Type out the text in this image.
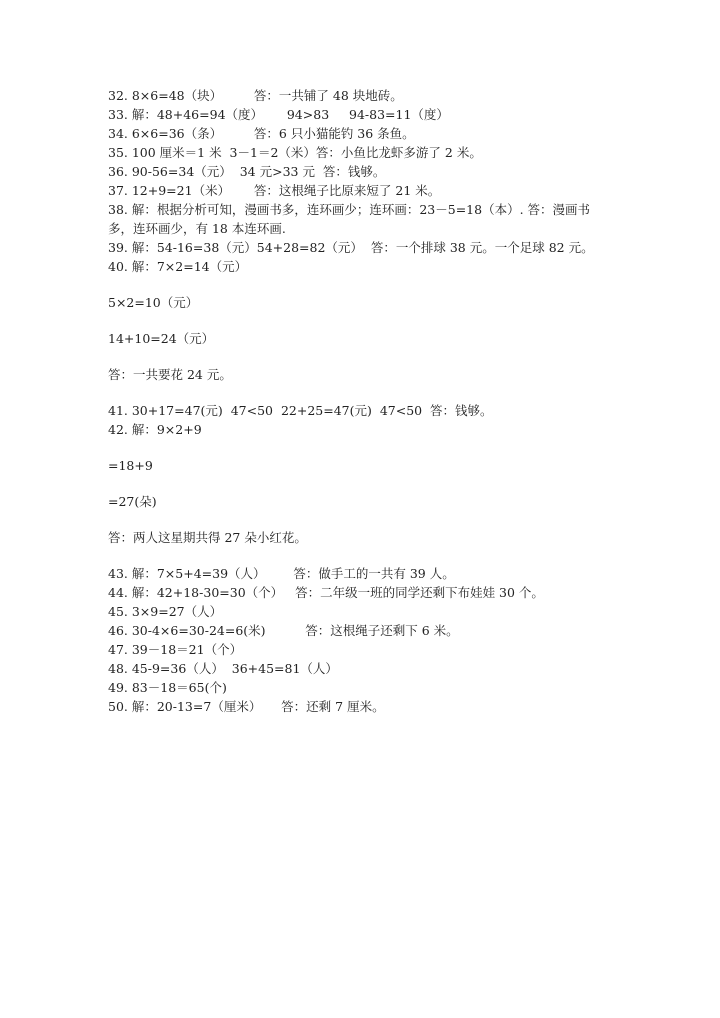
32. 8×6=48（块）        答：一共铺了 48 块地砖。
33. 解：48+46=94（度）      94>83     94-83=11（度）
34. 6×6=36（条）        答：6 只小猫能钓 36 条鱼。
35. 100 厘米＝1 米  3－1＝2（米）答：小鱼比龙虾多游了 2 米。
36. 90-56=34（元）  34 元>33 元  答：钱够。
37. 12+9=21（米）      答：这根绳子比原来短了 21 米。
38. 解：根据分析可知，漫画书多，连环画少；连环画：23－5=18（本）. 答：漫画书多，连环画少，有 18 本连环画.
39. 解：54-16=38（元）54+28=82（元）  答：一个排球 38 元。一个足球 82 元。
40. 解：7×2=14（元）
5×2=10（元）
14+10=24（元）
答：一共要花 24 元。
41. 30+17=47(元)  47<50  22+25=47(元)  47<50  答：钱够。
42. 解：9×2+9
=18+9
=27(朵)
答：两人这星期共得 27 朵小红花。
43. 解：7×5+4=39（人）       答：做手工的一共有 39 人。
44. 解：42+18-30=30（个）   答：二年级一班的同学还剩下布娃娃 30 个。
45. 3×9=27（人）
46. 30-4×6=30-24=6(米)          答：这根绳子还剩下 6 米。
47. 39－18＝21（个）
48. 45-9=36（人）  36+45=81（人）
49. 83－18＝65(个)
50. 解：20-13=7（厘米）     答：还剩 7 厘米。
